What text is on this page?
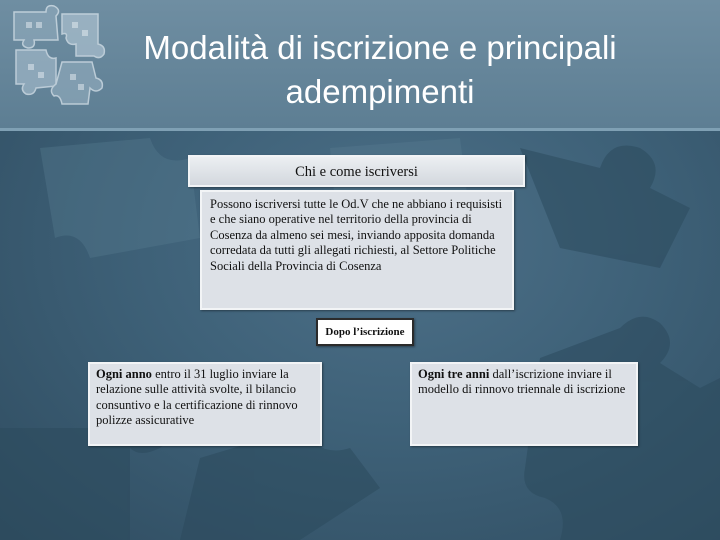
Modalità di iscrizione e principali adempimenti
Chi e come iscriversi
Possono iscriversi tutte le Od.V che ne abbiano i requisisti e che siano operative nel territorio della provincia di Cosenza da almeno sei mesi, inviando apposita domanda corredata da tutti gli allegati richiesti, al Settore Politiche Sociali della Provincia di Cosenza
Dopo l’iscrizione
Ogni anno entro il 31 luglio inviare la relazione sulle attività svolte, il bilancio consuntivo e la certificazione di rinnovo polizze assicurative
Ogni tre anni dall’iscrizione inviare il modello di rinnovo triennale di iscrizione
